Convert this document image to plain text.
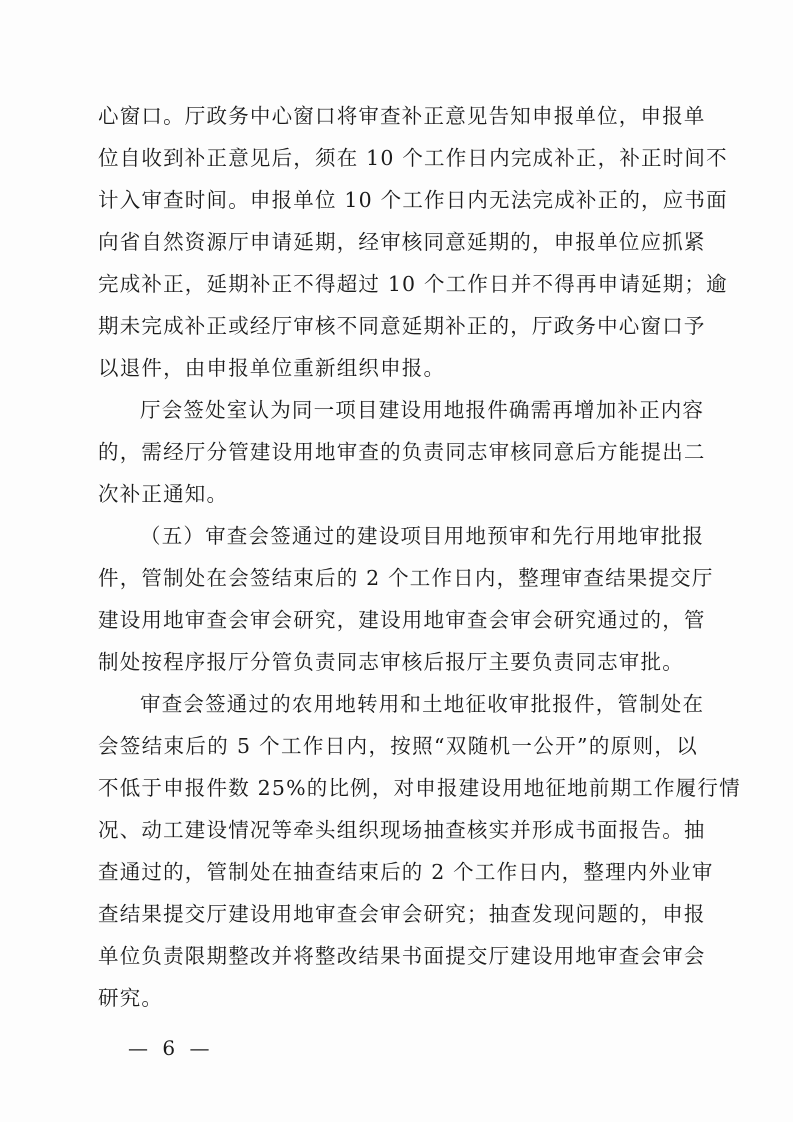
心窗口。厅政务中心窗口将审查补正意见告知申报单位，申报单
位自收到补正意见后，须在 10 个工作日内完成补正，补正时间不
计入审查时间。申报单位 10 个工作日内无法完成补正的，应书面
向省自然资源厅申请延期，经审核同意延期的，申报单位应抓紧
完成补正，延期补正不得超过 10 个工作日并不得再申请延期；逾
期未完成补正或经厅审核不同意延期补正的，厅政务中心窗口予
以退件，由申报单位重新组织申报。
厅会签处室认为同一项目建设用地报件确需再增加补正内容
的，需经厅分管建设用地审查的负责同志审核同意后方能提出二
次补正通知。
（五）审查会签通过的建设项目用地预审和先行用地审批报
件，管制处在会签结束后的 2 个工作日内，整理审查结果提交厅
建设用地审查会审会研究，建设用地审查会审会研究通过的，管
制处按程序报厅分管负责同志审核后报厅主要负责同志审批。
审查会签通过的农用地转用和土地征收审批报件，管制处在
会签结束后的 5 个工作日内，按照“双随机一公开”的原则，以
不低于申报件数 25%的比例，对申报建设用地征地前期工作履行情
况、动工建设情况等牵头组织现场抽查核实并形成书面报告。抽
查通过的，管制处在抽查结束后的 2 个工作日内，整理内外业审
查结果提交厅建设用地审查会审会研究；抽查发现问题的，申报
单位负责限期整改并将整改结果书面提交厅建设用地审查会审会
研究。
— 6 —
